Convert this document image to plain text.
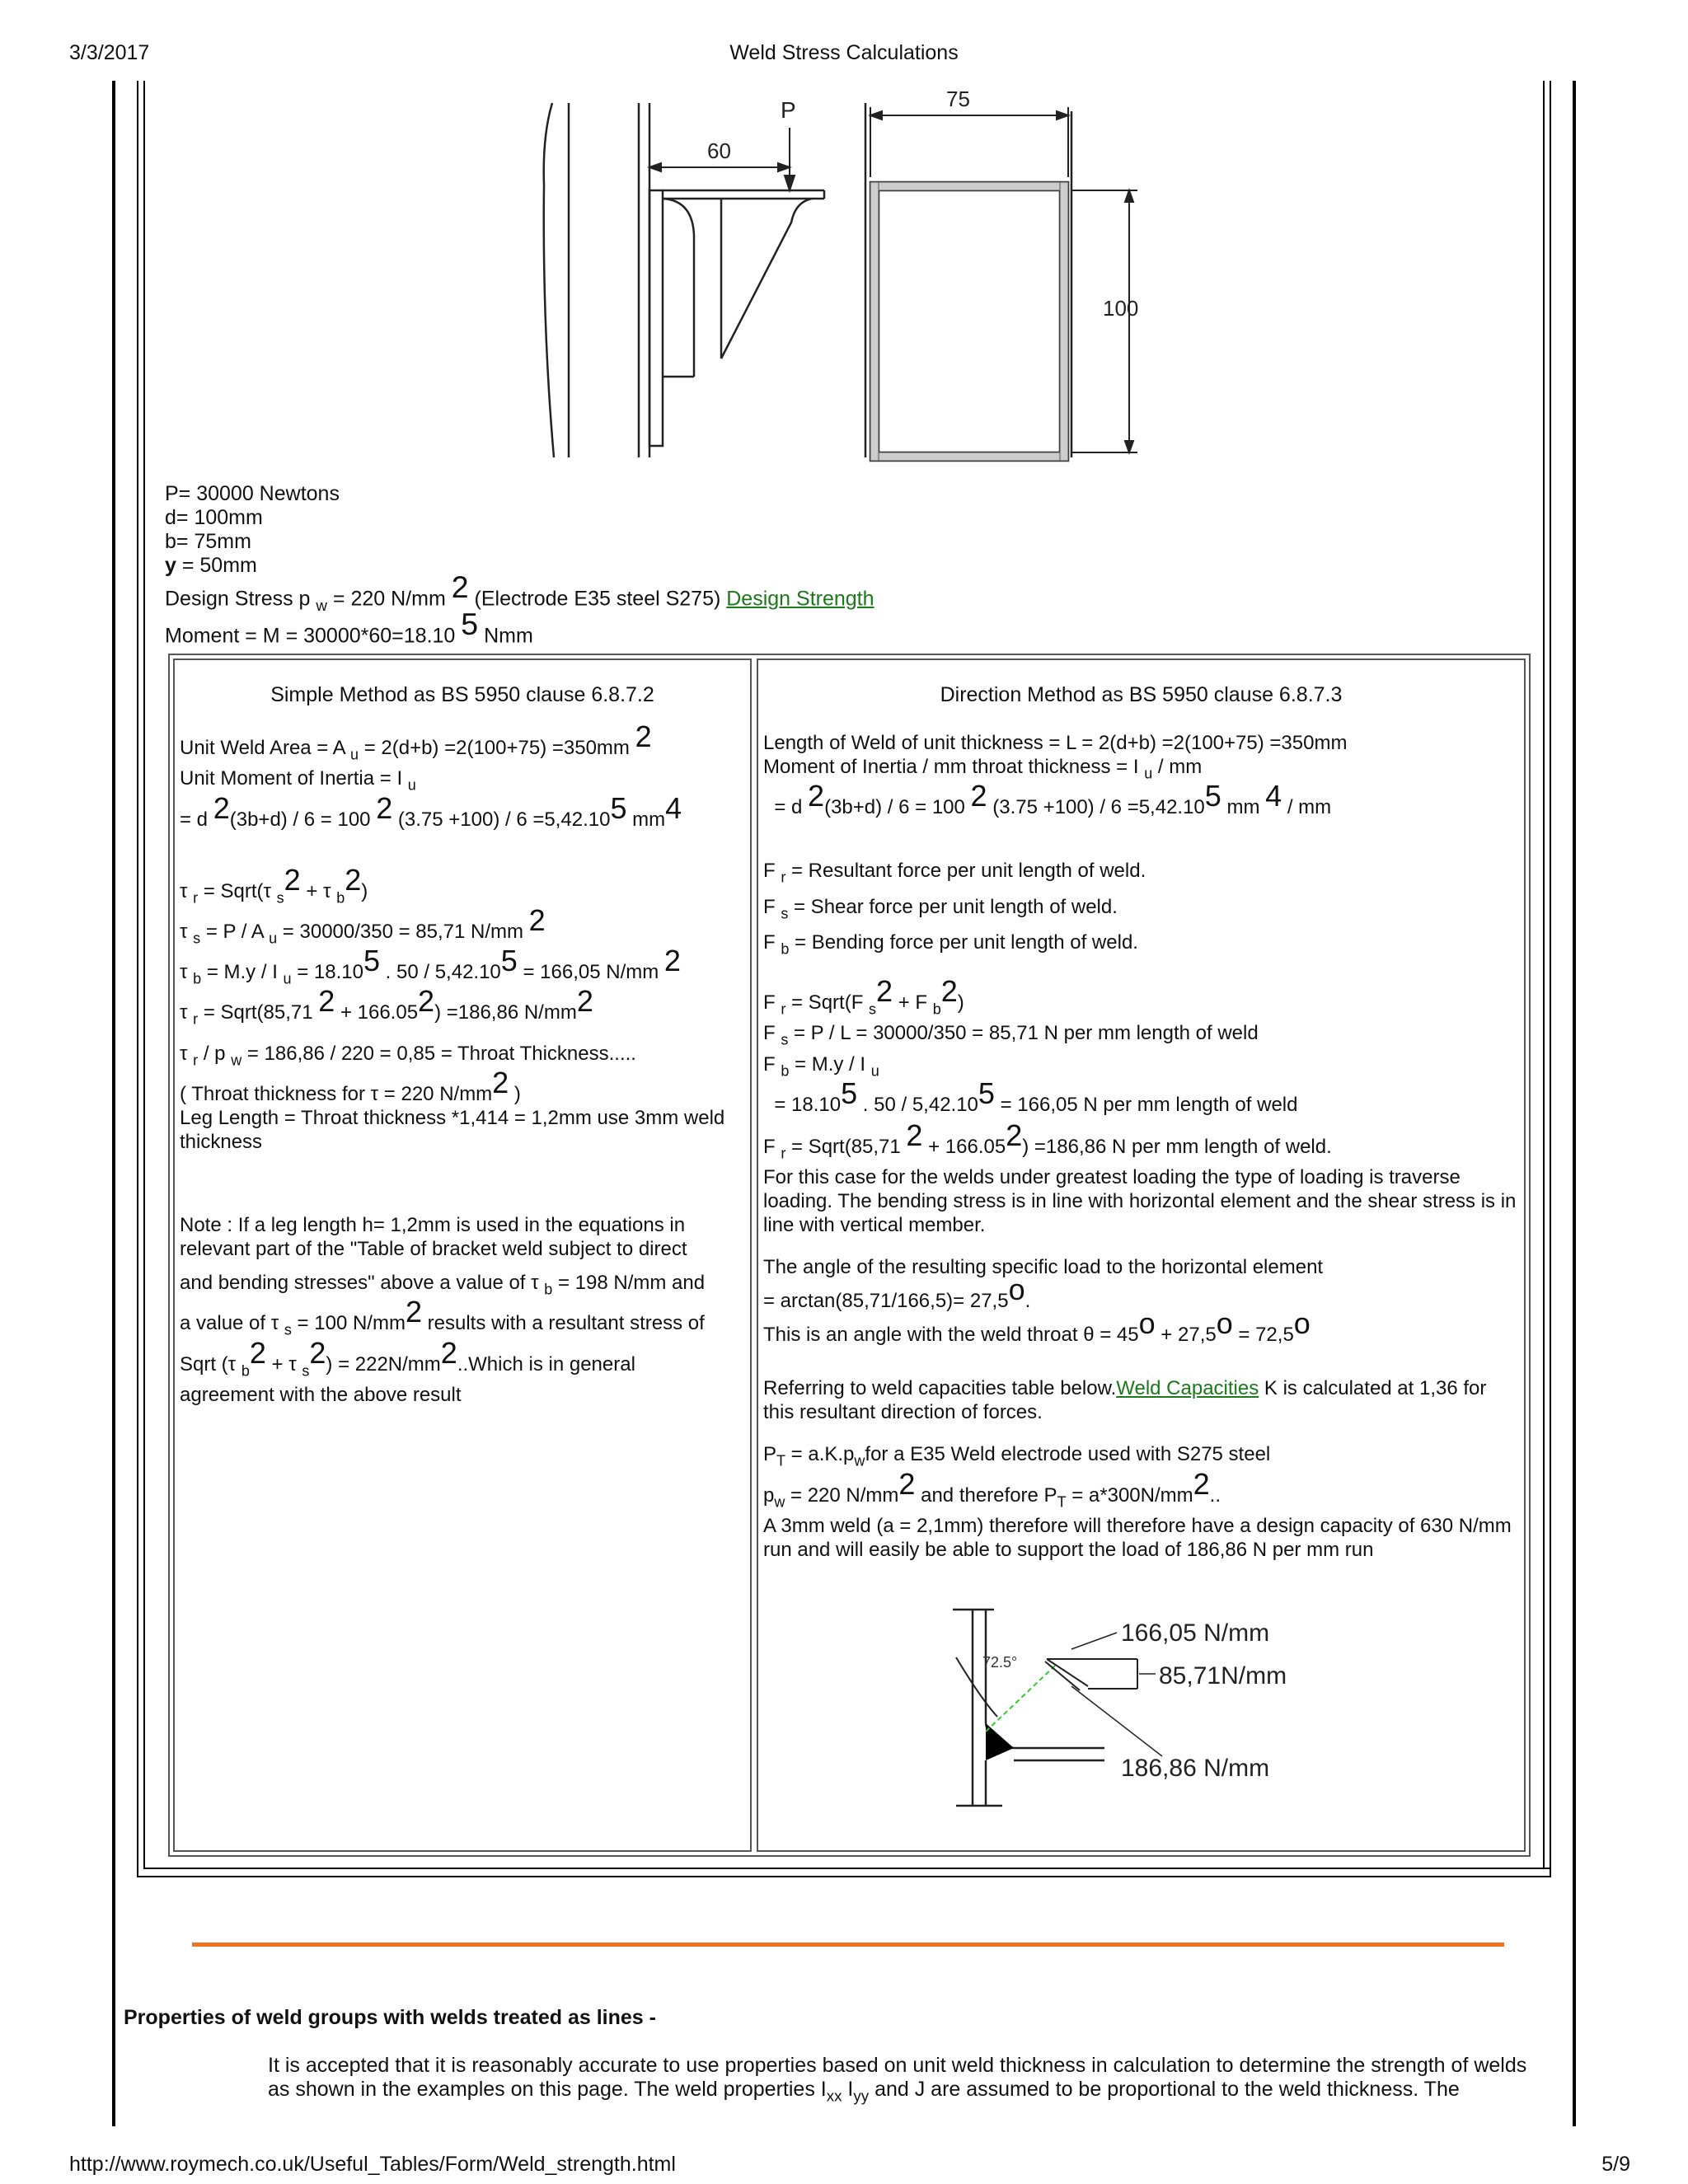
3/3/2017	Weld Stress Calculations
http://www.roymech.co.uk/Useful_Tables/Form/Weld_strength.html	5/9
60
P	75
100
P= 30000 Newtons
d= 100mm
b= 75mm
y = 50mm
Design Stress p $_w$ = 220 N/mm $^2$ (Electrode E35 steel S275) Design Strength
Moment = M = 30000*60=18.10 $^5$ Nmm
Simple Method as BS 5950 clause 6.8.7.2

Unit Weld Area = A $_u$ = 2(d+b) =2(100+75) =350mm $^2$

Unit Moment of Inertia = I $_u$

= d $^2$(3b+d) / 6 = 100 $^2$ $(3.75 +100) / 6 =5,42.10^5$ $mm^4$

τ $_r$ = Sqrt(τ $_s^2$ + τ $_b^2$)

τ $_s$ = P / A $_u$ = 30000/350 = 85,71 N/mm $^2$

τ $_b$ = M.y / I $_u = 18.10^5$ . $50 / 5,42.10^5 = 166,05$ N/mm $^2$

τ $_r$ = Sqrt(85,71 $^2 + 166.05^2) =186,86$ $N/mm^2$

τ $_r$ / p $_w$ = 186,86 / 220 = 0,85 = Throat Thickness.....

( Throat thickness for τ = 220 $N/mm^2$ )

Leg Length = Throat thickness *1,414 = 1,2mm use 3mm weld thickness

Note : If a leg length h= 1,2mm is used in the equations in relevant part of the "Table of bracket weld subject to direct

and bending stresses" above a value of τ $_b$ = 198 N/mm and

a value of τ $_s$ = 100 $N/mm^2$ results with a resultant stress of

Sqrt (τ $_b^2$ + τ $_s^2) = 222N/mm^2..Which$ is in general

agreement with the above result

Direction Method as BS 5950 clause 6.8.7.3

Length of Weld of unit thickness = L = 2(d+b) =2(100+75) =350mm

Moment of Inertia / mm throat thickness = I $_u$ / mm

= d $^2$(3b+d) / 6 = 100 $^2$ $(3.75 +100) / 6 =5,42.10^5$ mm $^4$ / mm

F $_r$ = Resultant force per unit length of weld.

F $_s$ = Shear force per unit length of weld.

F $_b$ = Bending force per unit length of weld.

F $_r$ = Sqrt(F $_s^2$ + F $_b^2$)

F $_s$ = P / L = 30000/350 = 85,71 N per mm length of weld

F $_b$ = M.y / I $_u$

= $18.10^5$ . $50 / 5,42.10^5 = 166,05$ N per mm length of weld

F $_r$ = Sqrt(85,71 $^2 + 166.05^2) =186,86$ N per mm length of weld.

For this case for the welds under greatest loading the type of loading is traverse loading. The bending stress is in line with horizontal element and the shear stress is in line with vertical member.

The angle of the resulting specific load to the horizontal element

= $\arctan(85,71/166,5)= 27,5^o$.

This is an angle with the weld throat $\theta = 45^o + 27,5^o = 72,5^o$

Referring to weld capacities table below.Weld Capacities K is calculated at 1,36 for this resultant direction of forces.

$P_T = a.K.p_wfor$ a E35 Weld electrode used with S275 steel

$p_w = 220$ $N/mm^2$ and therefore $P_T = a*300N/mm^2$..

A 3mm weld (a = 2,1mm) therefore will therefore have a design capacity of 630 N/mm run and will easily be able to support the load of 186,86 N per mm run

72.5°
166,05 N/mm
85,71N/mm
186,86 N/mm
Properties of weld groups with welds treated as lines -
It is accepted that it is reasonably accurate to use properties based on unit weld thickness in calculation to determine the strength of welds as shown in the examples on this page. The weld properties $I_{xx}$ $I_{yy}$ and J are assumed to be proportional to the weld thickness. The
